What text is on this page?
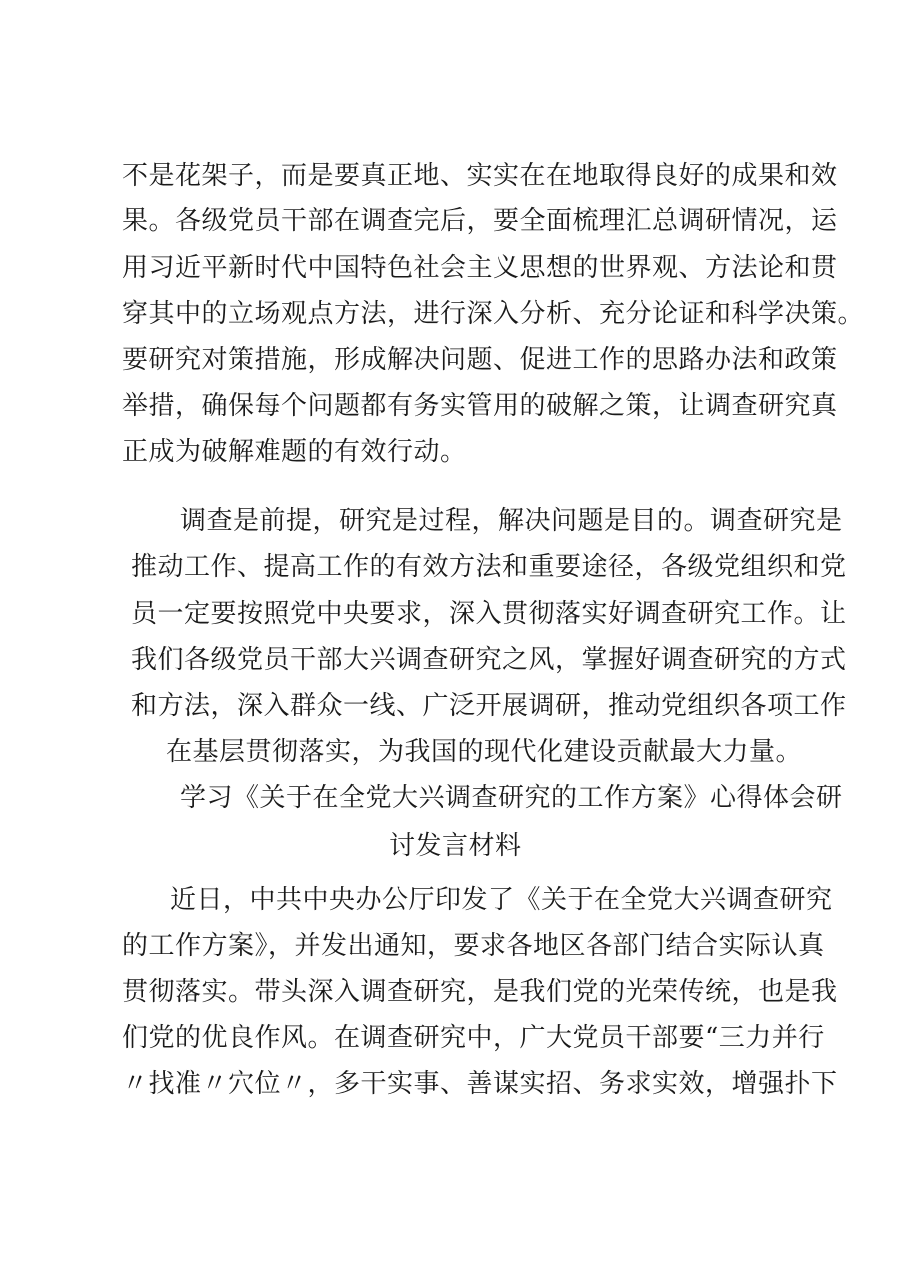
不是花架子，而是要真正地、实实在在地取得良好的成果和效
果。各级党员干部在调查完后，要全面梳理汇总调研情况，运
用习近平新时代中国特色社会主义思想的世界观、方法论和贯
穿其中的立场观点方法，进行深入分析、充分论证和科学决策。
要研究对策措施，形成解决问题、促进工作的思路办法和政策
举措，确保每个问题都有务实管用的破解之策，让调查研究真
正成为破解难题的有效行动。
调查是前提，研究是过程，解决问题是目的。调查研究是
推动工作、提高工作的有效方法和重要途径，各级党组织和党
员一定要按照党中央要求，深入贯彻落实好调查研究工作。让
我们各级党员干部大兴调查研究之风，掌握好调查研究的方式
和方法，深入群众一线、广泛开展调研，推动党组织各项工作
在基层贯彻落实，为我国的现代化建设贡献最大力量。
学习《关于在全党大兴调查研究的工作方案》心得体会研
讨发言材料
近日，中共中央办公厅印发了《关于在全党大兴调查研究
的工作方案》，并发出通知，要求各地区各部门结合实际认真
贯彻落实。带头深入调查研究，是我们党的光荣传统，也是我
们党的优良作风。在调查研究中，广大党员干部要“三力并行
〃找准〃穴位〃，多干实事、善谋实招、务求实效，增强扑下
